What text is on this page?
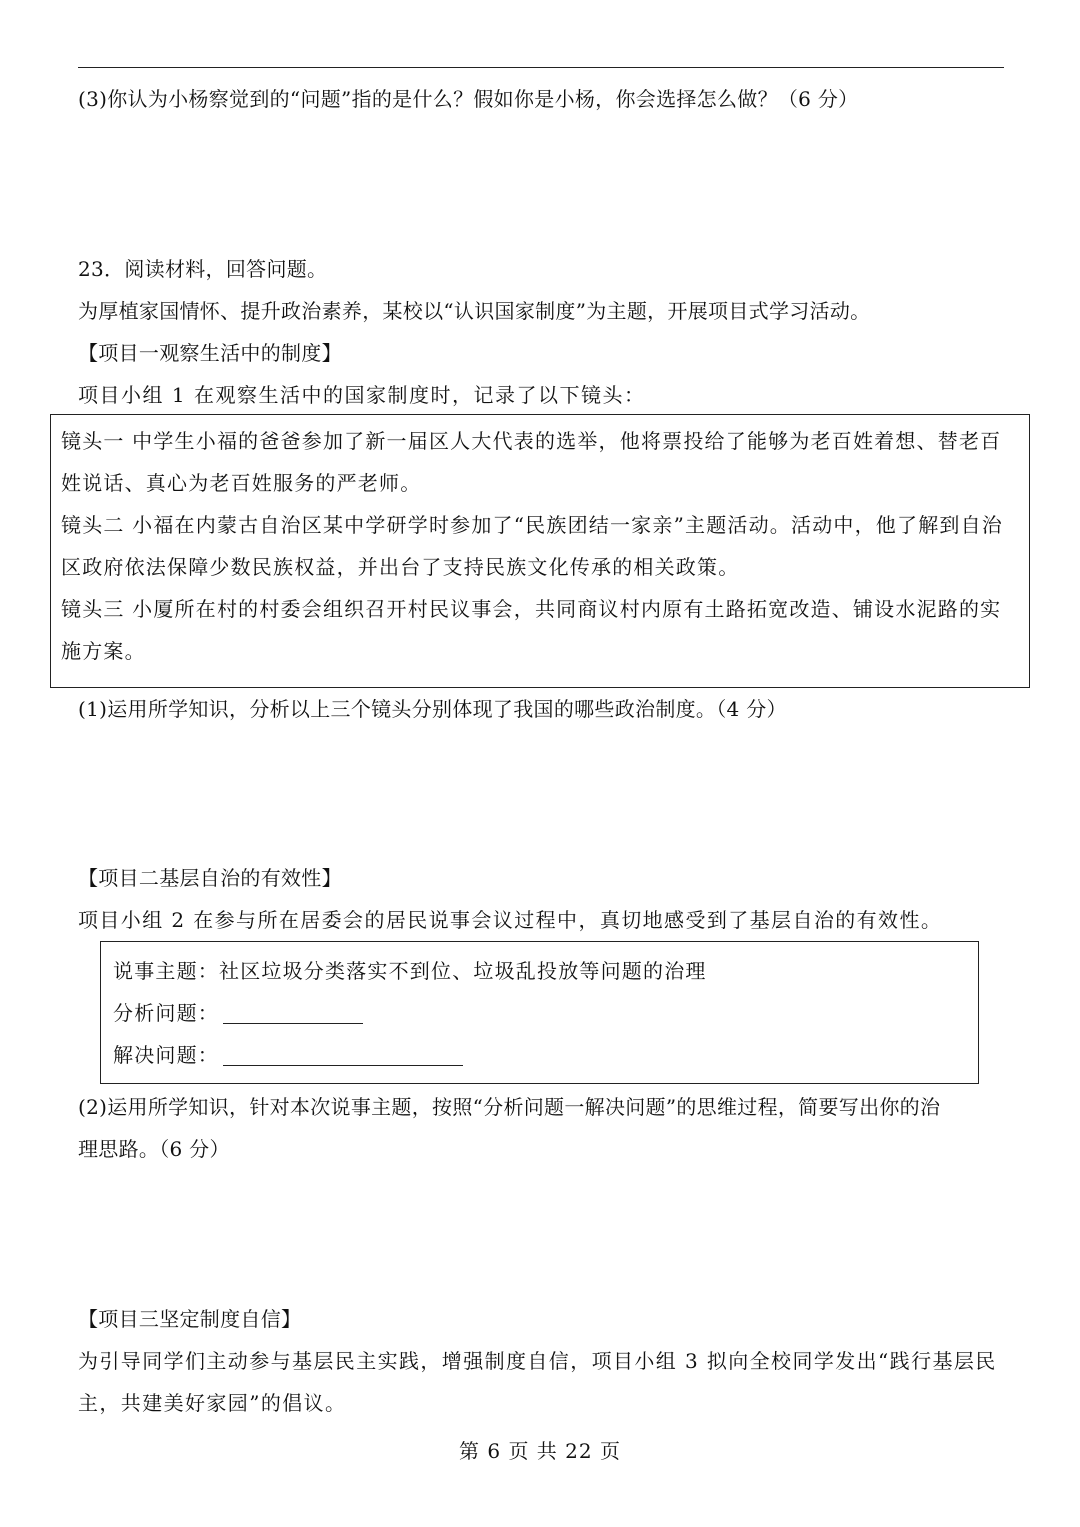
(3)你认为小杨察觉到的“问题”指的是什么？假如你是小杨，你会选择怎么做？（6 分）
23．阅读材料，回答问题。
为厚植家国情怀、提升政治素养，某校以“认识国家制度”为主题，开展项目式学习活动。
【项目一观察生活中的制度】
项目小组 1 在观察生活中的国家制度时，记录了以下镜头：
镜头一 中学生小福的爸爸参加了新一届区人大代表的选举，他将票投给了能够为老百姓着想、替老百
姓说话、真心为老百姓服务的严老师。
镜头二 小福在内蒙古自治区某中学研学时参加了“民族团结一家亲”主题活动。活动中，他了解到自治
区政府依法保障少数民族权益，并出台了支持民族文化传承的相关政策。
镜头三 小厦所在村的村委会组织召开村民议事会，共同商议村内原有土路拓宽改造、铺设水泥路的实
施方案。
(1)运用所学知识，分析以上三个镜头分别体现了我国的哪些政治制度。（4 分）
【项目二基层自治的有效性】
项目小组 2 在参与所在居委会的居民说事会议过程中，真切地感受到了基层自治的有效性。
说事主题：社区垃圾分类落实不到位、垃圾乱投放等问题的治理
分析问题：
解决问题：
(2)运用所学知识，针对本次说事主题，按照“分析问题一解决问题”的思维过程，简要写出你的治
理思路。（6 分）
【项目三坚定制度自信】
为引导同学们主动参与基层民主实践，增强制度自信，项目小组 3 拟向全校同学发出“践行基层民
主，共建美好家园”的倡议。
第 6 页 共 22 页
